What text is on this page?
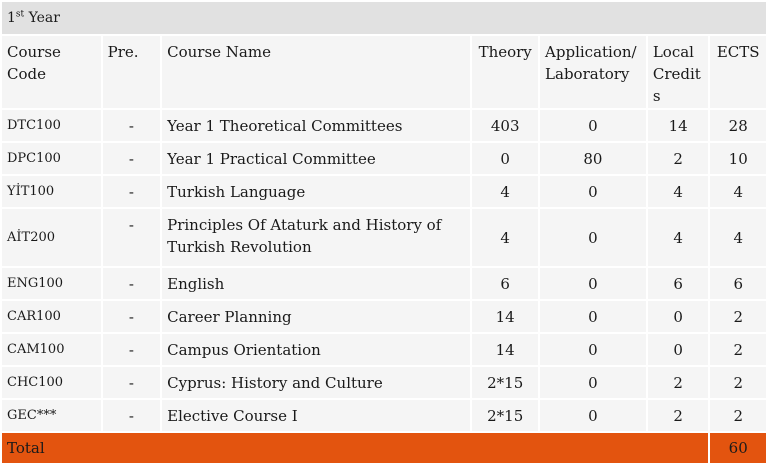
1st Year						
Course Code	Pre.	Course Name	Theory	Application/ Laboratory	Local Credit s	ECTS
DTC100	-	Year 1 Theoretical Committees	403	0	14	28
DPC100	-	Year 1 Practical Committee	0	80	2	10
YİT100	-	Turkish Language	4	0	4	4
AİT200	-	Principles Of Ataturk and History of Turkish Revolution	4	0	4	4
ENG100	-	English	6	0	6	6
CAR100	-	Career Planning	14	0	0	2
CAM100	-	Campus Orientation	14	0	0	2
CHC100	-	Cyprus: History and Culture	2*15	0	2	2
GEC***	-	Elective Course I	2*15	0	2	2
Total						60
